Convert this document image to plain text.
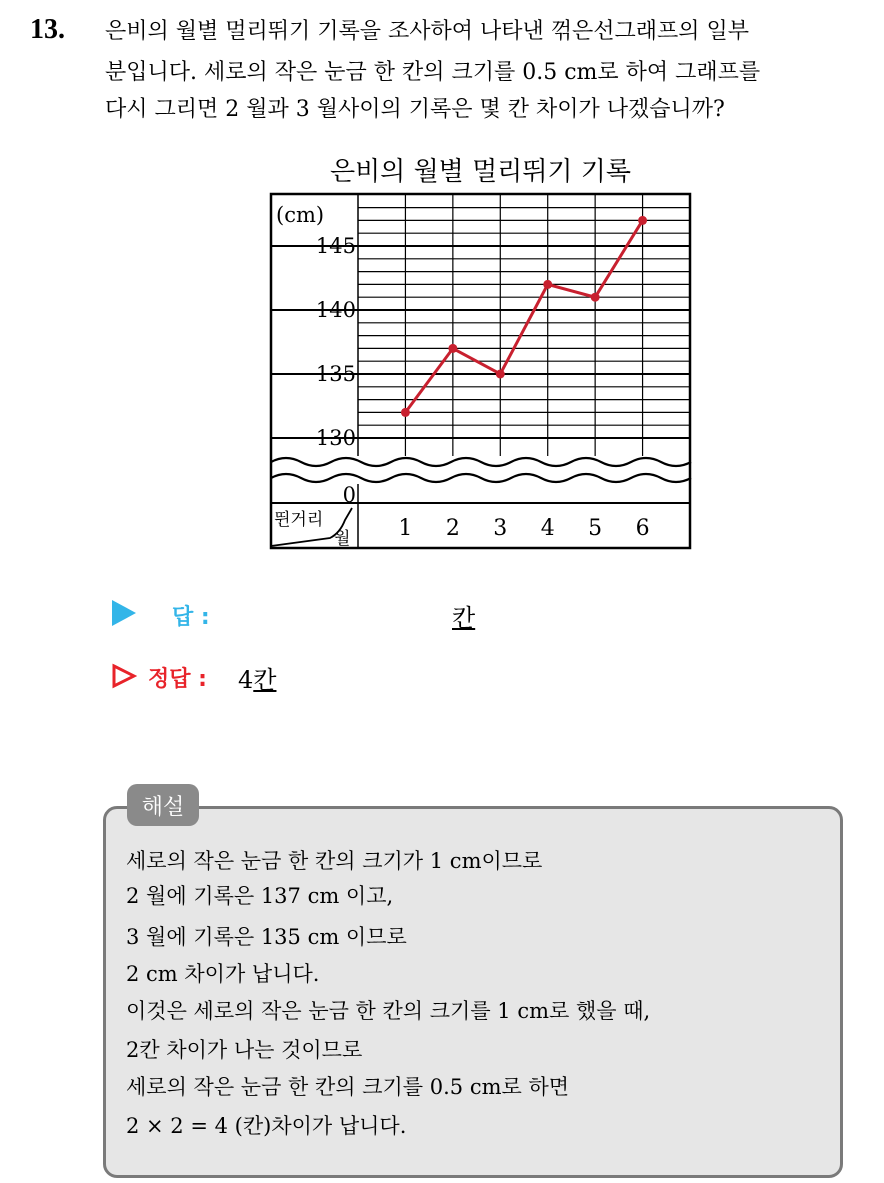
13. 은비의 월별 멀리뛰기 기록을 조사하여 나타낸 꺾은선그래프의 일부
분입니다. 세로의 작은 눈금 한 칸의 크기를 0.5 cm로 하여 그래프를
다시 그리면 2 월과 3 월사이의 기록은 몇 칸 차이가 나겠습니까?
은비의 월별 멀리뛰기 기록
(cm)
145
140
135
130
0
1 2 3 4 5 6
뛴거리
월
답 :	칸
정답 : 4칸
해설
세로의 작은 눈금 한 칸의 크기가 1 cm이므로
2 월에 기록은 137 cm 이고,
3 월에 기록은 135 cm 이므로
2 cm 차이가 납니다.
이것은 세로의 작은 눈금 한 칸의 크기를 1 cm로 했을 때,
2칸 차이가 나는 것이므로
세로의 작은 눈금 한 칸의 크기를 0.5 cm로 하면
2 × 2 = 4 (칸)차이가 납니다.
